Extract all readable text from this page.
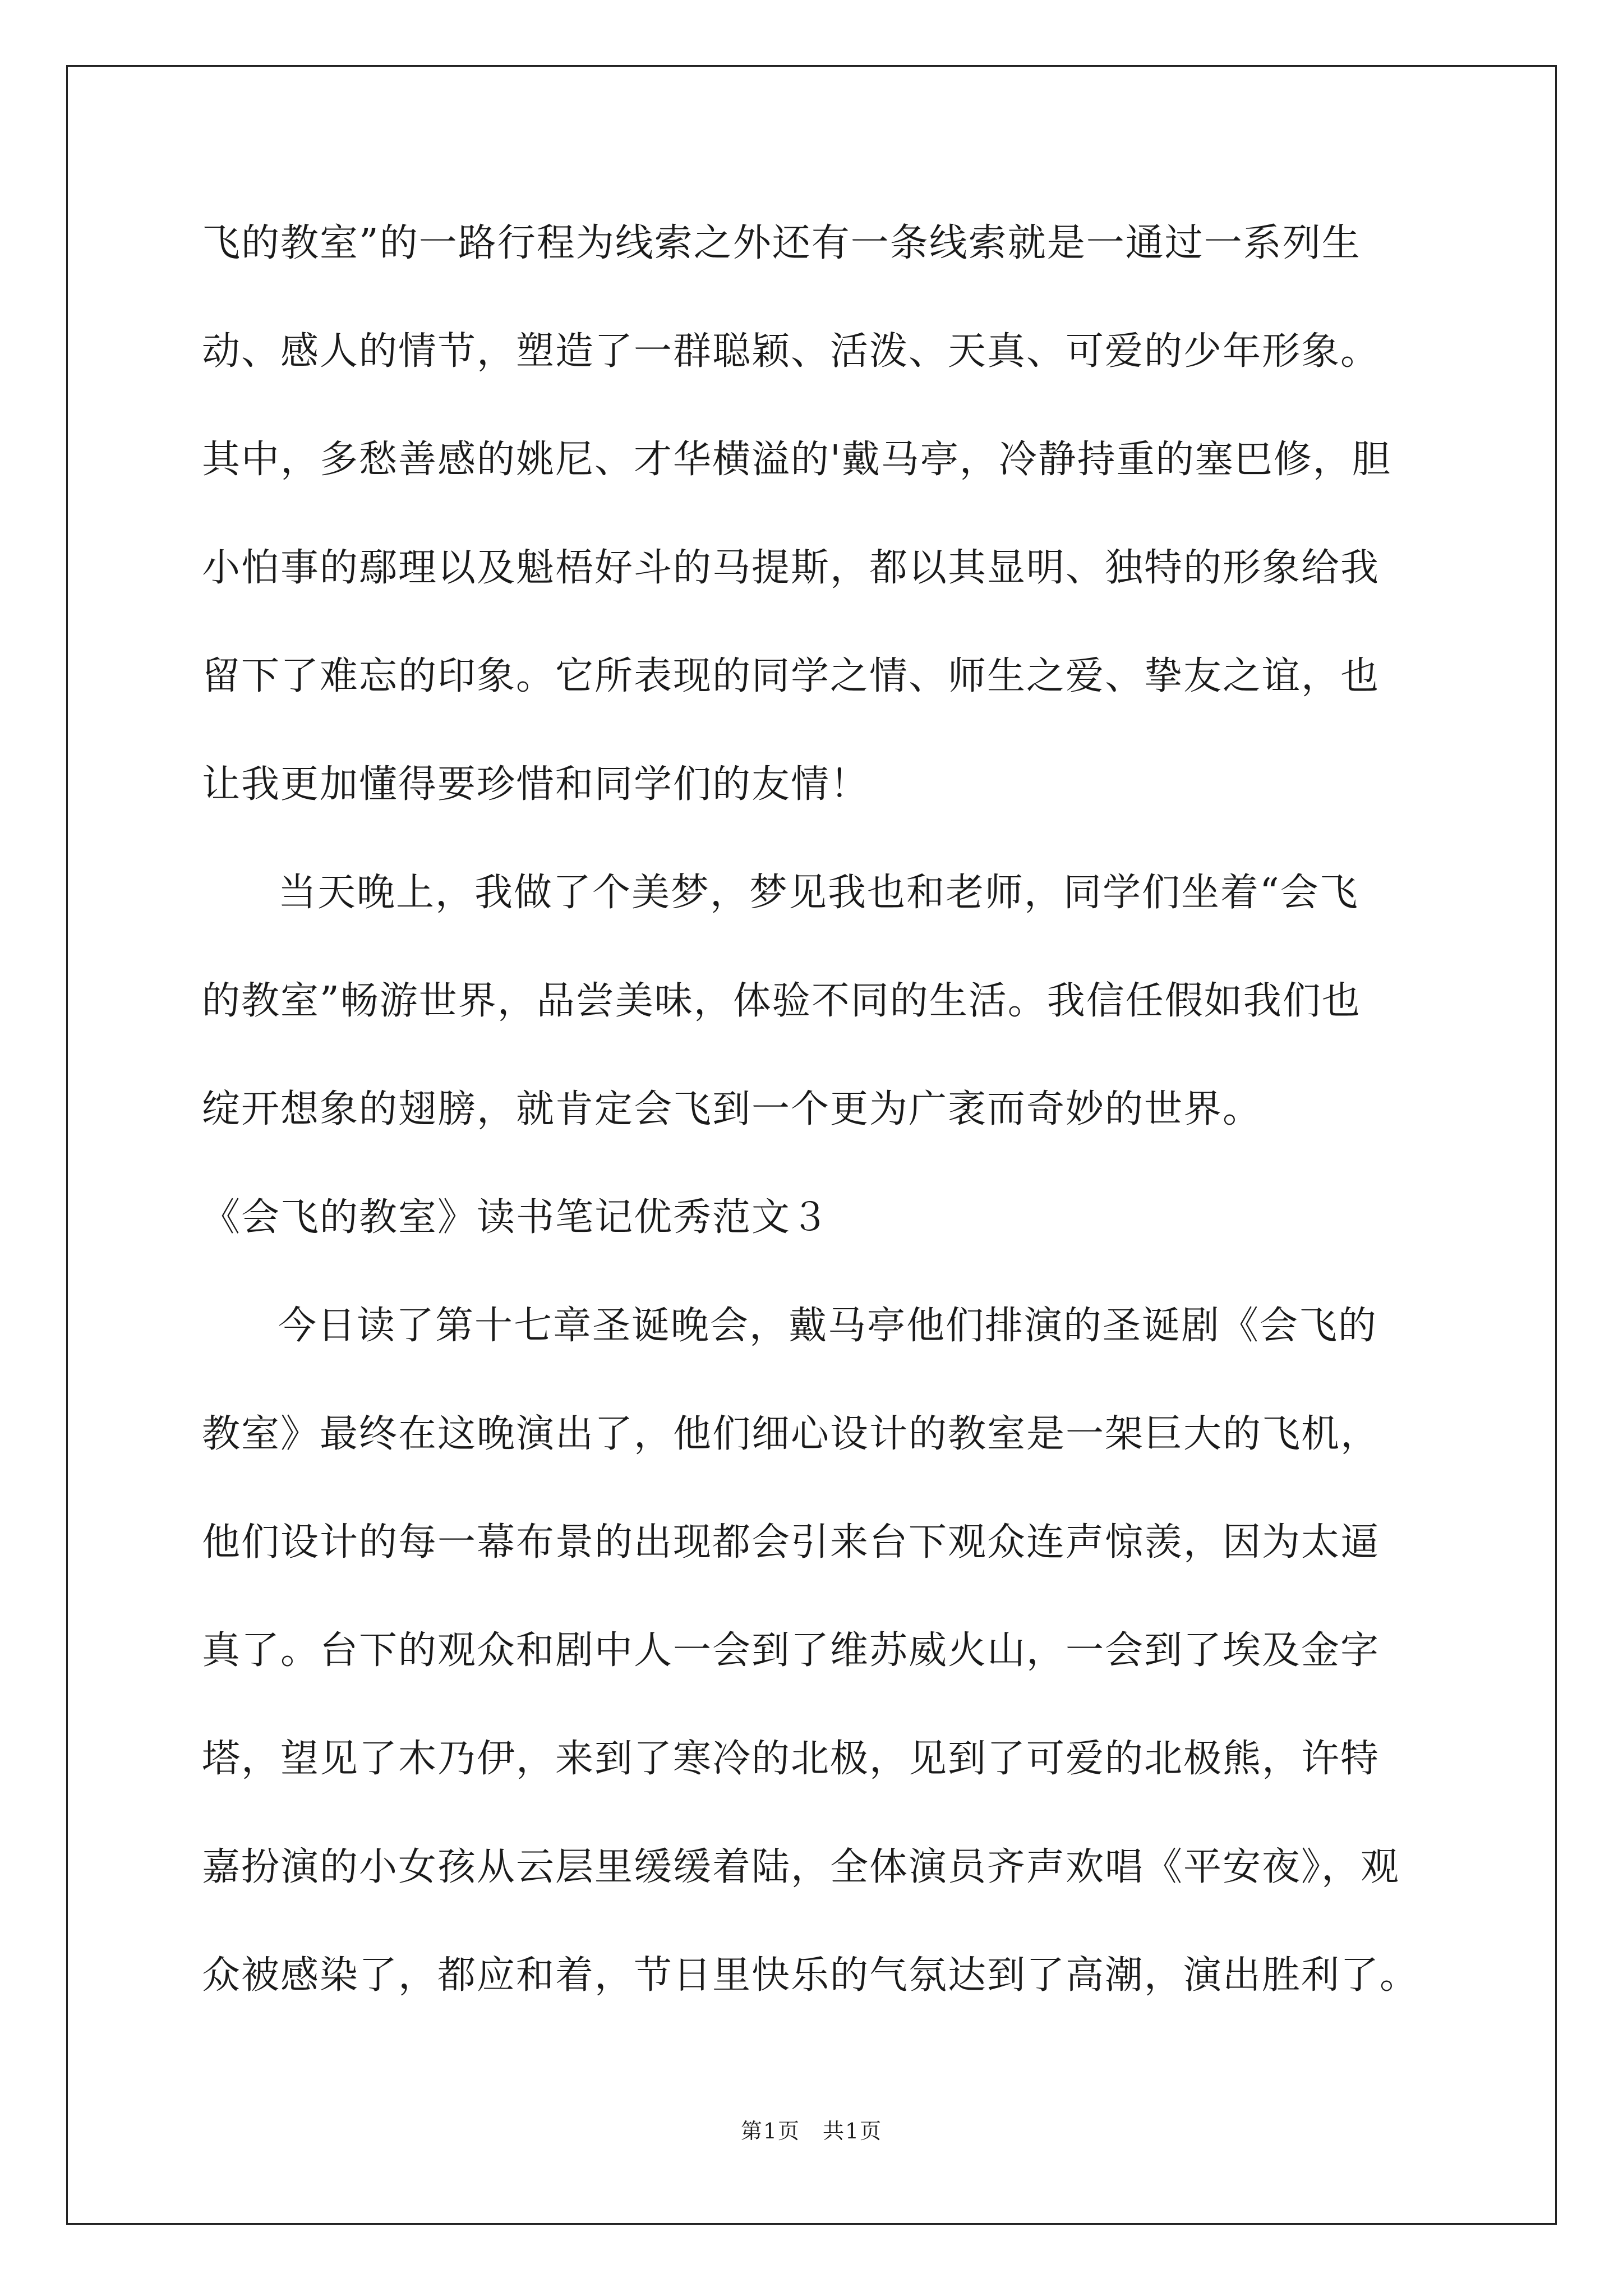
飞的教室”的一路行程为线索之外还有一条线索就是一通过一系列生
动、感人的情节，塑造了一群聪颖、活泼、天真、可爱的少年形象。
其中，多愁善感的姚尼、才华横溢的'戴马亭，冷静持重的塞巴修，胆
小怕事的鄢理以及魁梧好斗的马提斯，都以其显明、独特的形象给我
留下了难忘的印象。它所表现的同学之情、师生之爱、挚友之谊，也
让我更加懂得要珍惜和同学们的友情！
当天晚上，我做了个美梦，梦见我也和老师，同学们坐着“会飞
的教室”畅游世界，品尝美味，体验不同的生活。我信任假如我们也
绽开想象的翅膀，就肯定会飞到一个更为广袤而奇妙的世界。
《会飞的教室》读书笔记优秀范文３
今日读了第十七章圣诞晚会，戴马亭他们排演的圣诞剧《会飞的
教室》最终在这晚演出了，他们细心设计的教室是一架巨大的飞机，
他们设计的每一幕布景的出现都会引来台下观众连声惊羡，因为太逼
真了。台下的观众和剧中人一会到了维苏威火山，一会到了埃及金字
塔，望见了木乃伊，来到了寒冷的北极，见到了可爱的北极熊，许特
嘉扮演的小女孩从云层里缓缓着陆，全体演员齐声欢唱《平安夜》，观
众被感染了，都应和着，节日里快乐的气氛达到了高潮，演出胜利了。
第1页　共1页
